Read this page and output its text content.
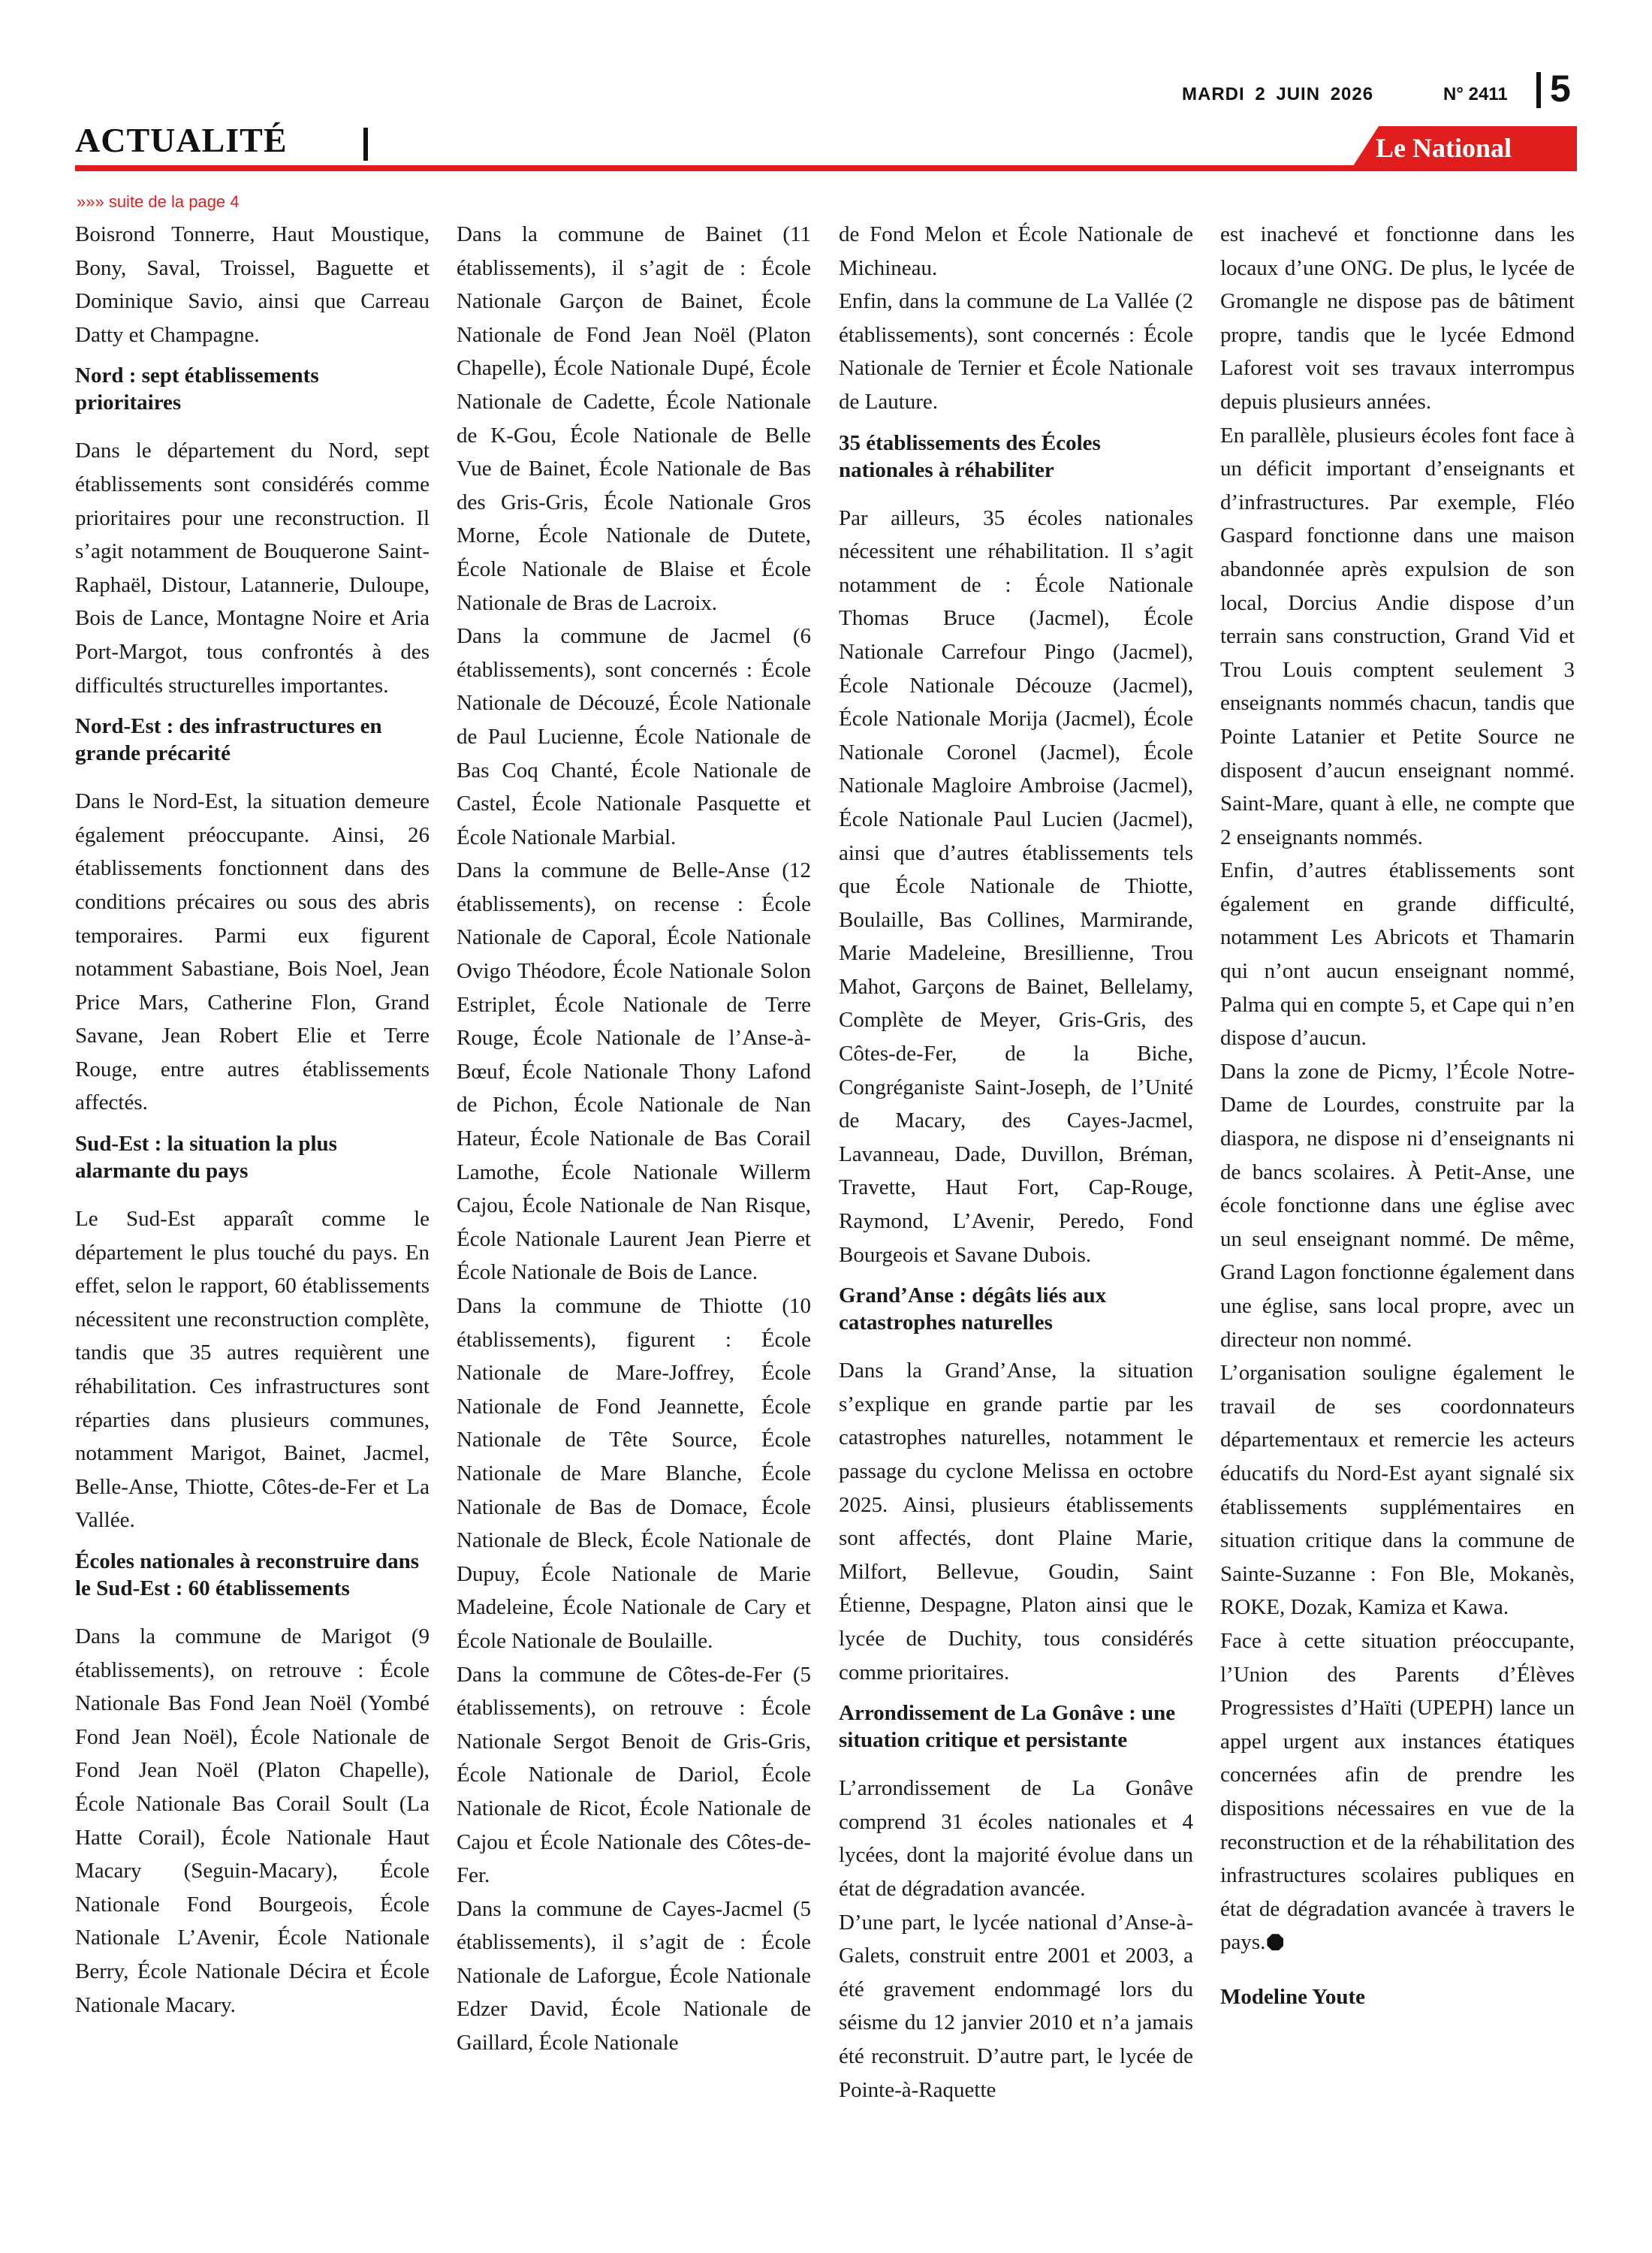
MARDI 2 JUIN 2026	N° 2411 5
ACTUALITÉ	Le National
»»» suite de la page 4

Boisrond Tonnerre, Haut Moustique, Bony, Saval, Troissel, Baguette et Dominique Savio, ainsi que Carreau Datty et Champagne.

Nord : sept établissements prioritaires

Dans le département du Nord, sept établissements sont considérés comme prioritaires pour une reconstruction. Il s’agit notamment de Bouquerone Saint-Raphaël, Distour, Latannerie, Duloupe, Bois de Lance, Montagne Noire et Aria Port-Margot, tous confrontés à des difficultés structurelles importantes.

Nord-Est : des infrastructures en grande précarité

Dans le Nord-Est, la situation demeure également préoccupante. Ainsi, 26 établissements fonctionnent dans des conditions précaires ou sous des abris temporaires. Parmi eux figurent notamment Sabastiane, Bois Noel, Jean Price Mars, Catherine Flon, Grand Savane, Jean Robert Elie et Terre Rouge, entre autres établissements affectés.

Sud-Est : la situation la plus alarmante du pays

Le Sud-Est apparaît comme le département le plus touché du pays. En effet, selon le rapport, 60 établissements nécessitent une reconstruction complète, tandis que 35 autres requièrent une réhabilitation. Ces infrastructures sont réparties dans plusieurs communes, notamment Marigot, Bainet, Jacmel, Belle-Anse, Thiotte, Côtes-de-Fer et La Vallée.

Écoles nationales à reconstruire dans le Sud-Est : 60 établissements

Dans la commune de Marigot (9 établissements), on retrouve : École Nationale Bas Fond Jean Noël (Yombé Fond Jean Noël), École Nationale de Fond Jean Noël (Platon Chapelle), École Nationale Bas Corail Soult (La Hatte Corail), École Nationale Haut Macary (Seguin-Macary), École Nationale Fond Bourgeois, École Nationale L’Avenir, École Nationale Berry, École Nationale Décira et École Nationale Macary.

Dans la commune de Bainet (11 établissements), il s’agit de : École Nationale Garçon de Bainet, École Nationale de Fond Jean Noël (Platon Chapelle), École Nationale Dupé, École Nationale de Cadette, École Nationale de K-Gou, École Nationale de Belle Vue de Bainet, École Nationale de Bas des Gris-Gris, École Nationale Gros Morne, École Nationale de Dutete, École Nationale de Blaise et École Nationale de Bras de Lacroix.

Dans la commune de Jacmel (6 établissements), sont concernés : École Nationale de Découzé, École Nationale de Paul Lucienne, École Nationale de Bas Coq Chanté, École Nationale de Castel, École Nationale Pasquette et École Nationale Marbial.

Dans la commune de Belle-Anse (12 établissements), on recense : École Nationale de Caporal, École Nationale Ovigo Théodore, École Nationale Solon Estriplet, École Nationale de Terre Rouge, École Nationale de l’Anse-à-Bœuf, École Nationale Thony Lafond de Pichon, École Nationale de Nan Hateur, École Nationale de Bas Corail Lamothe, École Nationale Willerm Cajou, École Nationale de Nan Risque, École Nationale Laurent Jean Pierre et École Nationale de Bois de Lance.

Dans la commune de Thiotte (10 établissements), figurent : École Nationale de Mare-Joffrey, École Nationale de Fond Jeannette, École Nationale de Tête Source, École Nationale de Mare Blanche, École Nationale de Bas de Domace, École Nationale de Bleck, École Nationale de Dupuy, École Nationale de Marie Madeleine, École Nationale de Cary et École Nationale de Boulaille.

Dans la commune de Côtes-de-Fer (5 établissements), on retrouve : École Nationale Sergot Benoit de Gris-Gris, École Nationale de Dariol, École Nationale de Ricot, École Nationale de Cajou et École Nationale des Côtes-de-Fer.

Dans la commune de Cayes-Jacmel (5 établissements), il s’agit de : École Nationale de Laforgue, École Nationale Edzer David, École Nationale de Gaillard, École Nationale

de Fond Melon et École Nationale de Michineau.

Enfin, dans la commune de La Vallée (2 établissements), sont concernés : École Nationale de Ternier et École Nationale de Lauture.

35 établissements des Écoles nationales à réhabiliter

Par ailleurs, 35 écoles nationales nécessitent une réhabilitation. Il s’agit notamment de : École Nationale Thomas Bruce (Jacmel), École Nationale Carrefour Pingo (Jacmel), École Nationale Découze (Jacmel), École Nationale Morija (Jacmel), École Nationale Coronel (Jacmel), École Nationale Magloire Ambroise (Jacmel), École Nationale Paul Lucien (Jacmel), ainsi que d’autres établissements tels que École Nationale de Thiotte, Boulaille, Bas Collines, Marmirande, Marie Madeleine, Bresillienne, Trou Mahot, Garçons de Bainet, Bellelamy, Complète de Meyer, Gris-Gris, des Côtes-de-Fer, de la Biche, Congréganiste Saint-Joseph, de l’Unité de Macary, des Cayes-Jacmel, Lavanneau, Dade, Duvillon, Bréman, Travette, Haut Fort, Cap-Rouge, Raymond, L’Avenir, Peredo, Fond Bourgeois et Savane Dubois.

Grand’Anse : dégâts liés aux catastrophes naturelles

Dans la Grand’Anse, la situation s’explique en grande partie par les catastrophes naturelles, notamment le passage du cyclone Melissa en octobre 2025. Ainsi, plusieurs établissements sont affectés, dont Plaine Marie, Milfort, Bellevue, Goudin, Saint Étienne, Despagne, Platon ainsi que le lycée de Duchity, tous considérés comme prioritaires.

Arrondissement de La Gonâve : une situation critique et persistante

L’arrondissement de La Gonâve comprend 31 écoles nationales et 4 lycées, dont la majorité évolue dans un état de dégradation avancée.

D’une part, le lycée national d’Anse-à-Galets, construit entre 2001 et 2003, a été gravement endommagé lors du séisme du 12 janvier 2010 et n’a jamais été reconstruit. D’autre part, le lycée de Pointe-à-Raquette

est inachevé et fonctionne dans les locaux d’une ONG. De plus, le lycée de Gromangle ne dispose pas de bâtiment propre, tandis que le lycée Edmond Laforest voit ses travaux interrompus depuis plusieurs années.

En parallèle, plusieurs écoles font face à un déficit important d’enseignants et d’infrastructures. Par exemple, Fléo Gaspard fonctionne dans une maison abandonnée après expulsion de son local, Dorcius Andie dispose d’un terrain sans construction, Grand Vid et Trou Louis comptent seulement 3 enseignants nommés chacun, tandis que Pointe Latanier et Petite Source ne disposent d’aucun enseignant nommé. Saint-Mare, quant à elle, ne compte que 2 enseignants nommés.

Enfin, d’autres établissements sont également en grande difficulté, notamment Les Abricots et Thamarin qui n’ont aucun enseignant nommé, Palma qui en compte 5, et Cape qui n’en dispose d’aucun.

Dans la zone de Picmy, l’École Notre-Dame de Lourdes, construite par la diaspora, ne dispose ni d’enseignants ni de bancs scolaires. À Petit-Anse, une école fonctionne dans une église avec un seul enseignant nommé. De même, Grand Lagon fonctionne également dans une église, sans local propre, avec un directeur non nommé.

L’organisation souligne également le travail de ses coordonnateurs départementaux et remercie les acteurs éducatifs du Nord-Est ayant signalé six établissements supplémentaires en situation critique dans la commune de Sainte-Suzanne : Fon Ble, Mokanès, ROKE, Dozak, Kamiza et Kawa.

Face à cette situation préoccupante, l’Union des Parents d’Élèves Progressistes d’Haïti (UPEPH) lance un appel urgent aux instances étatiques concernées afin de prendre les dispositions nécessaires en vue de la reconstruction et de la réhabilitation des infrastructures scolaires publiques en état de dégradation avancée à travers le pays.

Modeline Youte
